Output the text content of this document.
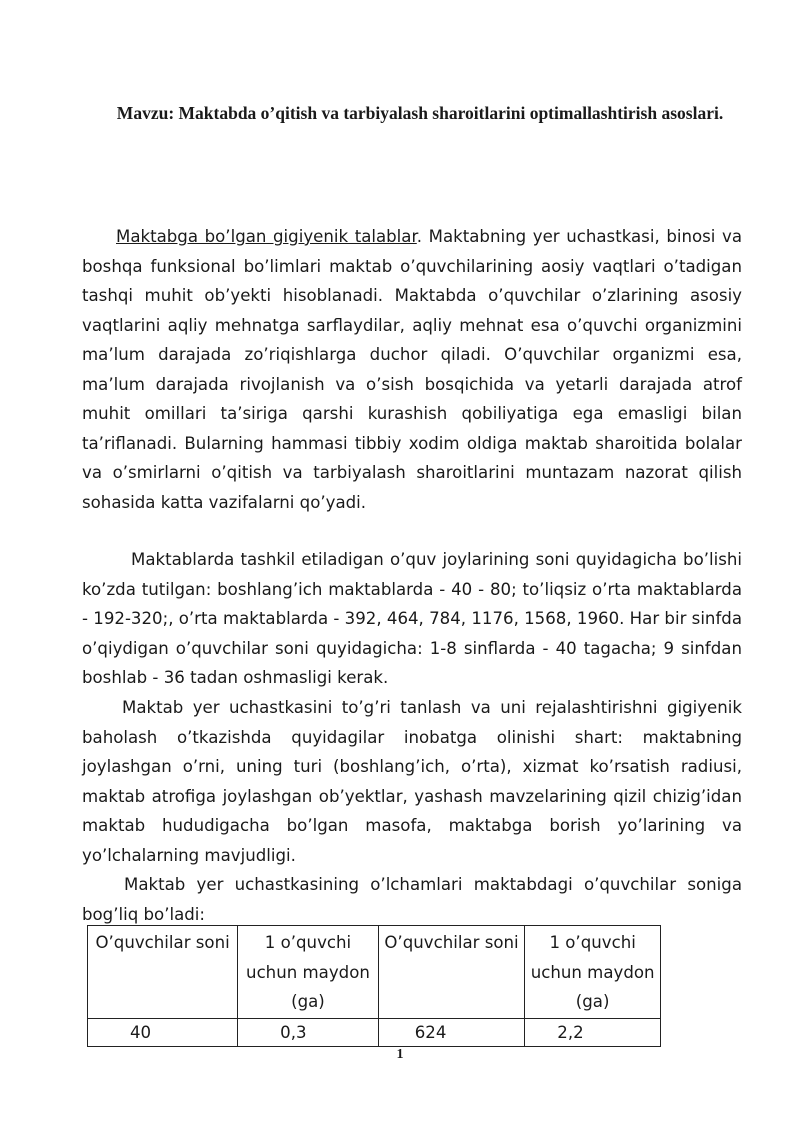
Mavzu: Maktabda o’qitish va tarbiyalash sharoitlarini optimallashtirish asoslari.

Maktabga bo’lgan gigiyenik talablar. Maktabning yer uchastkasi, binosi va boshqa funksional bo’limlari maktab o’quvchilarining aosiy vaqtlari o’tadigan tashqi muhit ob’yekti hisoblanadi. Maktabda o’quvchilar o’zlarining asosiy vaqtlarini aqliy mehnatga sarflaydilar, aqliy mehnat esa o’quvchi organizmini ma’lum darajada zo’riqishlarga duchor qiladi. O’quvchilar organizmi esa, ma’lum darajada rivojlanish va o’sish bosqichida va yetarli darajada atrof muhit omillari ta’siriga qarshi kurashish qobiliyatiga ega emasligi bilan ta’riflanadi. Bularning hammasi tibbiy xodim oldiga maktab sharoitida bolalar va o’smirlarni o’qitish va tarbiyalash sharoitlarini muntazam nazorat qilish sohasida katta vazifalarni qo’yadi.

Maktablarda tashkil etiladigan o’quv joylarining soni quyidagicha bo’lishi ko’zda tutilgan: boshlang’ich maktablarda - 40 - 80; to’liqsiz o’rta maktablarda - 192-320;, o’rta maktablarda - 392, 464, 784, 1176, 1568, 1960. Har bir sinfda o’qiydigan o’quvchilar soni quyidagicha: 1-8 sinflarda - 40 tagacha; 9 sinfdan boshlab - 36 tadan oshmasligi kerak.

Maktab yer uchastkasini to’g’ri tanlash va uni rejalashtirishni gigiyenik baholash o’tkazishda quyidagilar inobatga olinishi shart: maktabning joylashgan o’rni, uning turi (boshlang’ich, o’rta), xizmat ko’rsatish radiusi, maktab atrofiga joylashgan ob’yektlar, yashash mavzelarining qizil chizig’idan maktab hududigacha bo’lgan masofa, maktabga borish yo’larining va yo’lchalarning mavjudligi.

Maktab yer uchastkasining o’lchamlari maktabdagi o’quvchilar soniga bog’liq bo’ladi:

O’quvchilar soni	1 o’quvchi uchun maydon (ga)	O’quvchilar soni	1 o’quvchi uchun maydon (ga)
40	0,3	624	2,2
1
